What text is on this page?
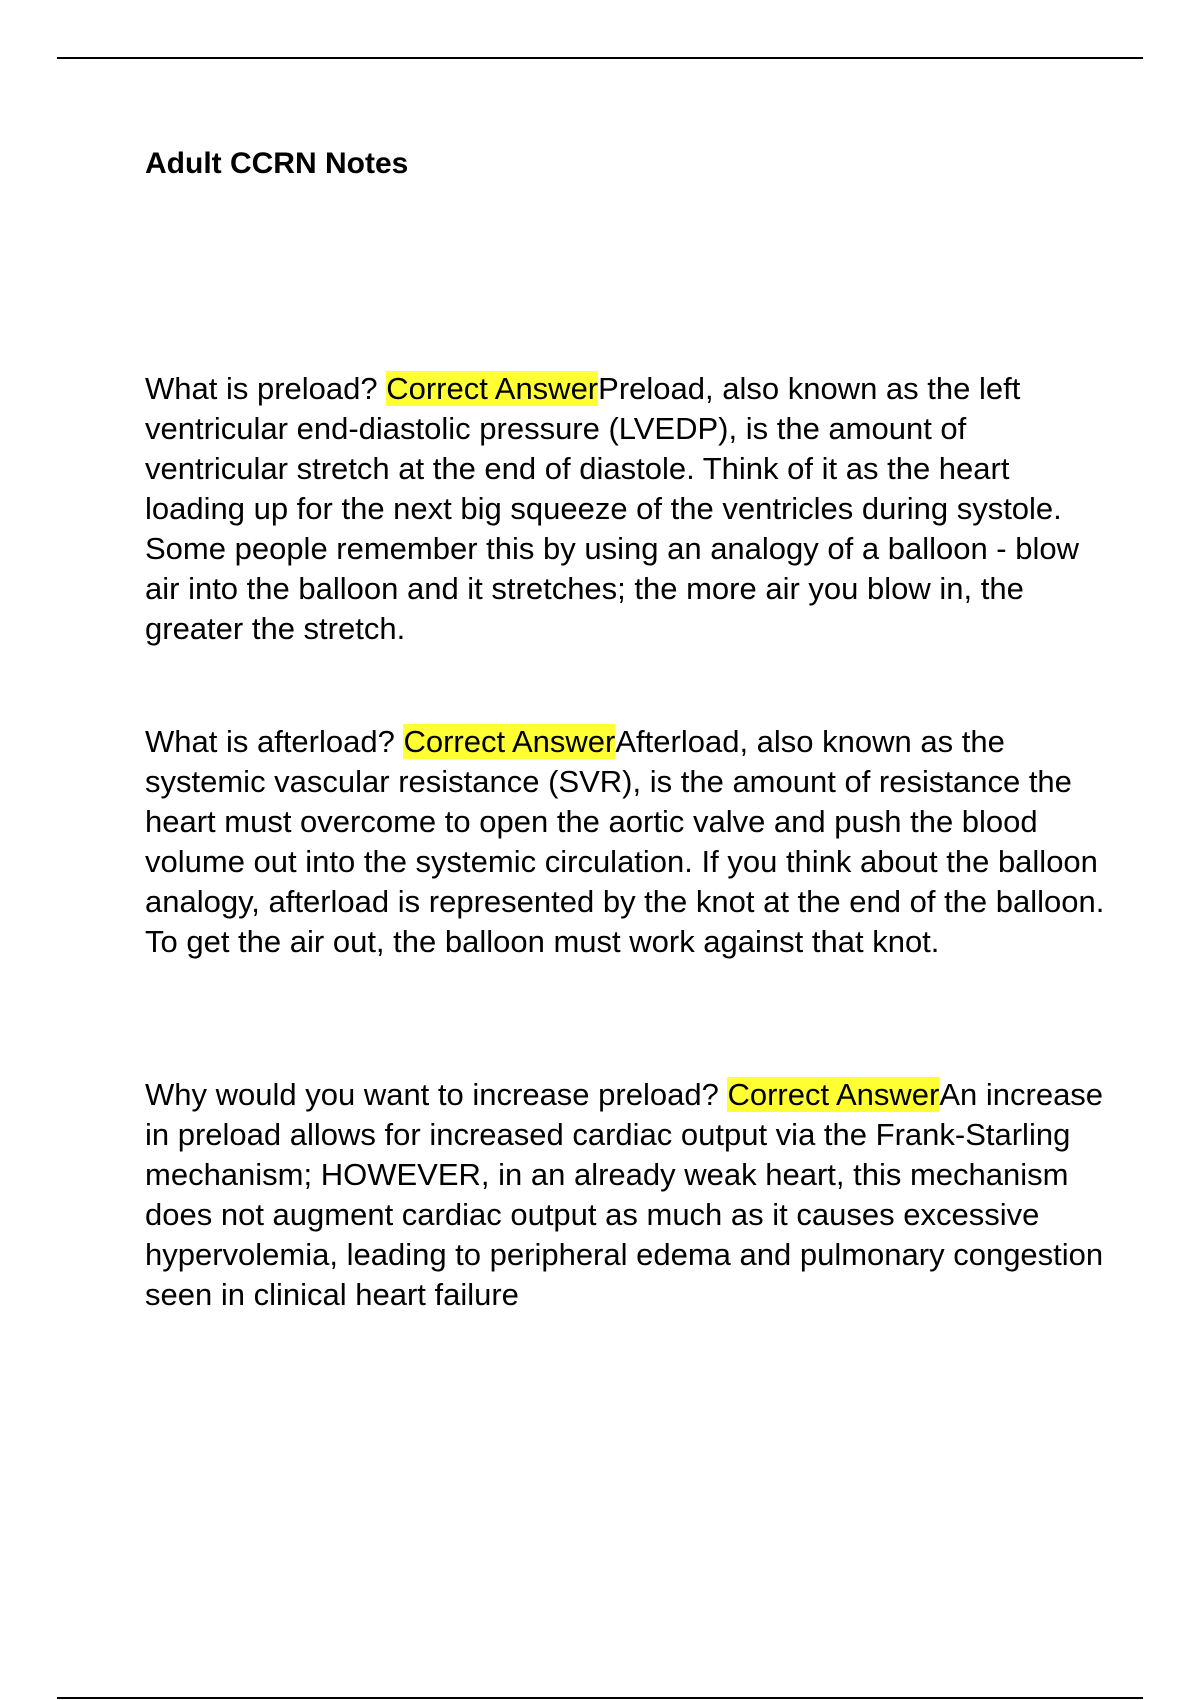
Adult CCRN Notes

What is preload? Correct AnswerPreload, also known as the left ventricular end-diastolic pressure (LVEDP), is the amount of ventricular stretch at the end of diastole. Think of it as the heart loading up for the next big squeeze of the ventricles during systole. Some people remember this by using an analogy of a balloon - blow air into the balloon and it stretches; the more air you blow in, the greater the stretch.

What is afterload? Correct AnswerAfterload, also known as the systemic vascular resistance (SVR), is the amount of resistance the heart must overcome to open the aortic valve and push the blood volume out into the systemic circulation. If you think about the balloon analogy, afterload is represented by the knot at the end of the balloon. To get the air out, the balloon must work against that knot.

Why would you want to increase preload? Correct AnswerAn increase in preload allows for increased cardiac output via the Frank-Starling mechanism; HOWEVER, in an already weak heart, this mechanism does not augment cardiac output as much as it causes excessive hypervolemia, leading to peripheral edema and pulmonary congestion seen in clinical heart failure
